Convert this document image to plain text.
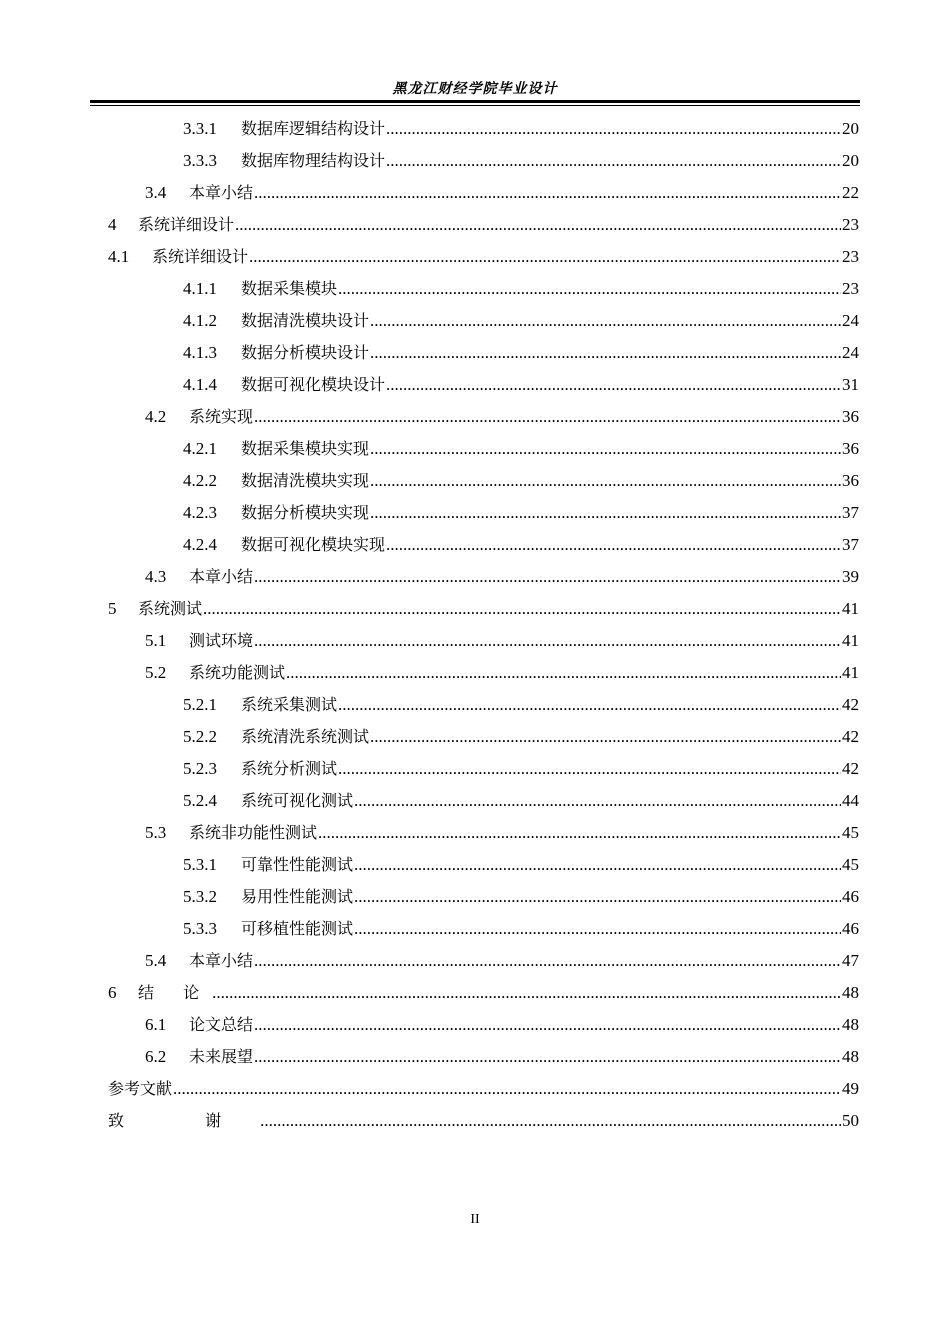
黑龙江财经学院毕业设计
3.3.1	数据库逻辑结构设计 .....	20
3.3.3	数据库物理结构设计 .....	20
3.4	本章小结 .....	22
4	系统详细设计 .....	23
4.1	系统详细设计 .....	23
4.1.1	数据采集模块 .....	23
4.1.2	数据清洗模块设计 .....	24
4.1.3	数据分析模块设计 .....	24
4.1.4	数据可视化模块设计 .....	31
4.2	系统实现 .....	36
4.2.1	数据采集模块实现 .....	36
4.2.2	数据清洗模块实现 .....	36
4.2.3	数据分析模块实现 .....	37
4.2.4	数据可视化模块实现 .....	37
4.3	本章小结 .....	39
5	系统测试 .....	41
5.1	测试环境 .....	41
5.2	系统功能测试 .....	41
5.2.1	系统采集测试 .....	42
5.2.2	系统清洗系统测试 .....	42
5.2.3	系统分析测试 .....	42
5.2.4	系统可视化测试 .....	44
5.3	系统非功能性测试 .....	45
5.3.1	可靠性性能测试 .....	45
5.3.2	易用性性能测试 .....	46
5.3.3	可移植性能测试 .....	46
5.4	本章小结 .....	47
6	结 论 .....	48
6.1	论文总结 .....	48
6.2	未来展望 .....	48
参考文献 .....	49
致 谢 .....	50
II
